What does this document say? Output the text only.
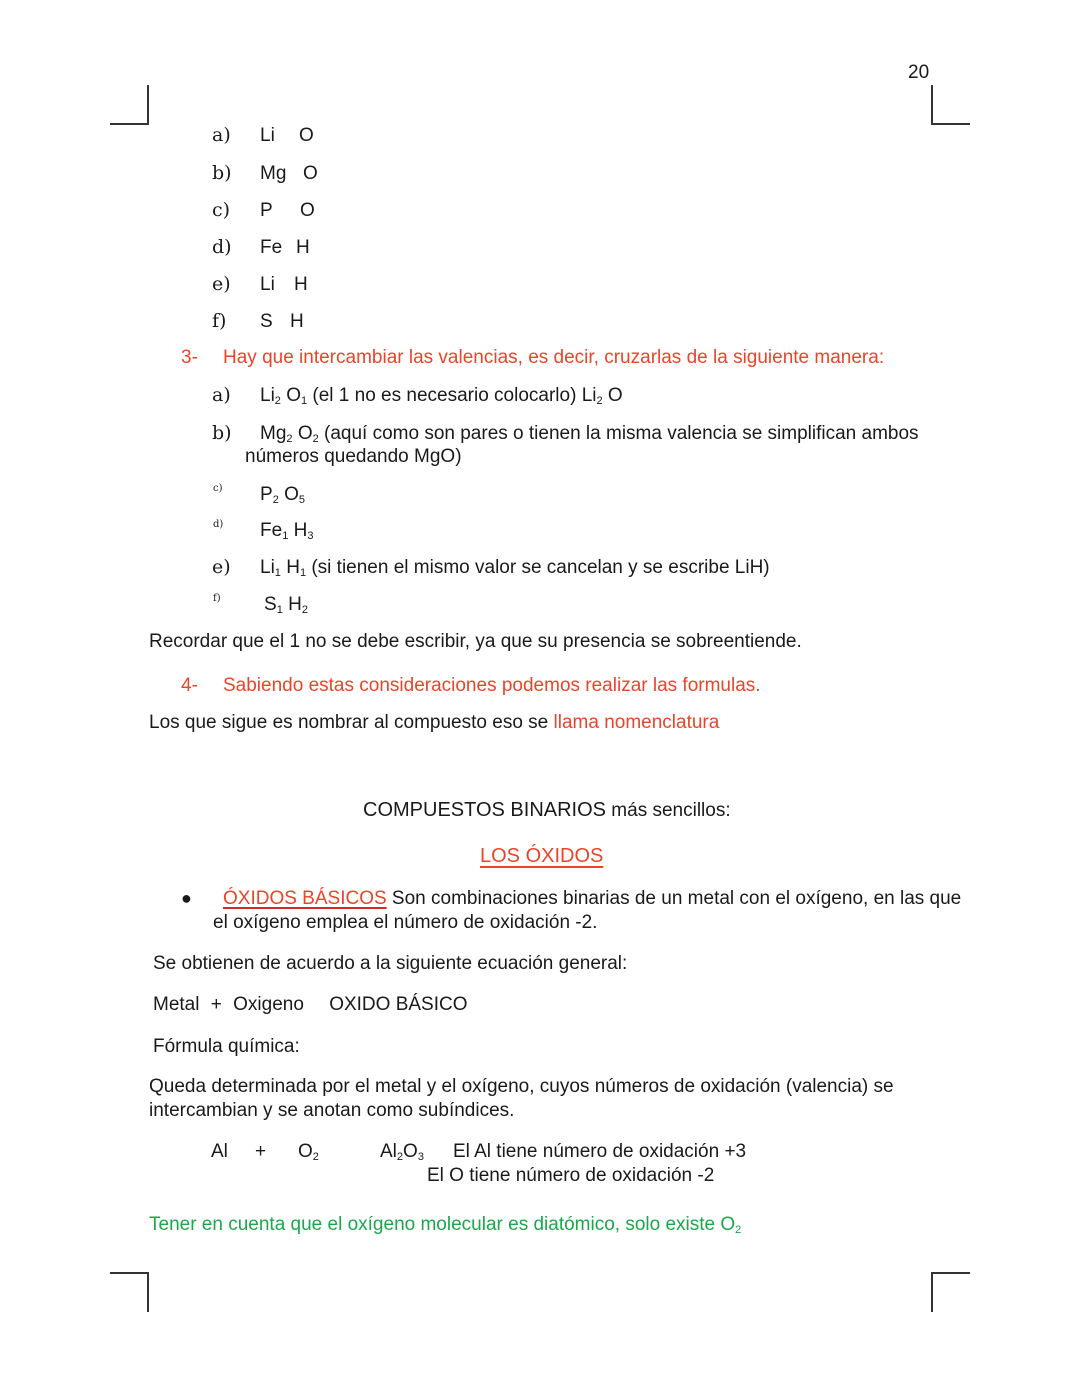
20
a) Li O
b) Mg O
c) P O
d) Fe H
e) Li H
f) S H
3- Hay que intercambiar las valencias, es decir, cruzarlas de la siguiente manera:
a) $Li_2$ $O_1$ (el 1 no es necesario colocarlo) $Li_2$ O
b) $Mg_2$ $O_2$ (aquí como son pares o tienen la misma valencia se simplifican ambos
números quedando MgO)
c) $P_2$ $O_5$
d) $Fe_1$ $H_3$
e) $Li_1$ $H_1$ (si tienen el mismo valor se cancelan y se escribe LiH)
f) $S_1$ $H_2$
Recordar que el 1 no se debe escribir, ya que su presencia se sobreentiende.
4- Sabiendo estas consideraciones podemos realizar las formulas.
Los que sigue es nombrar al compuesto eso se llama nomenclatura
COMPUESTOS BINARIOS más sencillos:
LOS ÓXIDOS
● ÓXIDOS BÁSICOS Son combinaciones binarias de un metal con el oxígeno, en las que
el oxígeno emplea el número de oxidación -2.
Se obtienen de acuerdo a la siguiente ecuación general:
Metal + Oxigeno OXIDO BÁSICO
Fórmula química:
Queda determinada por el metal y el oxígeno, cuyos números de oxidación (valencia) se
intercambian y se anotan como subíndices.
$Al + O_2$	$Al_2O_3$ El Al tiene número de oxidación +3
El O tiene número de oxidación -2
Tener en cuenta que el oxígeno molecular es diatómico, solo existe $O_2$
